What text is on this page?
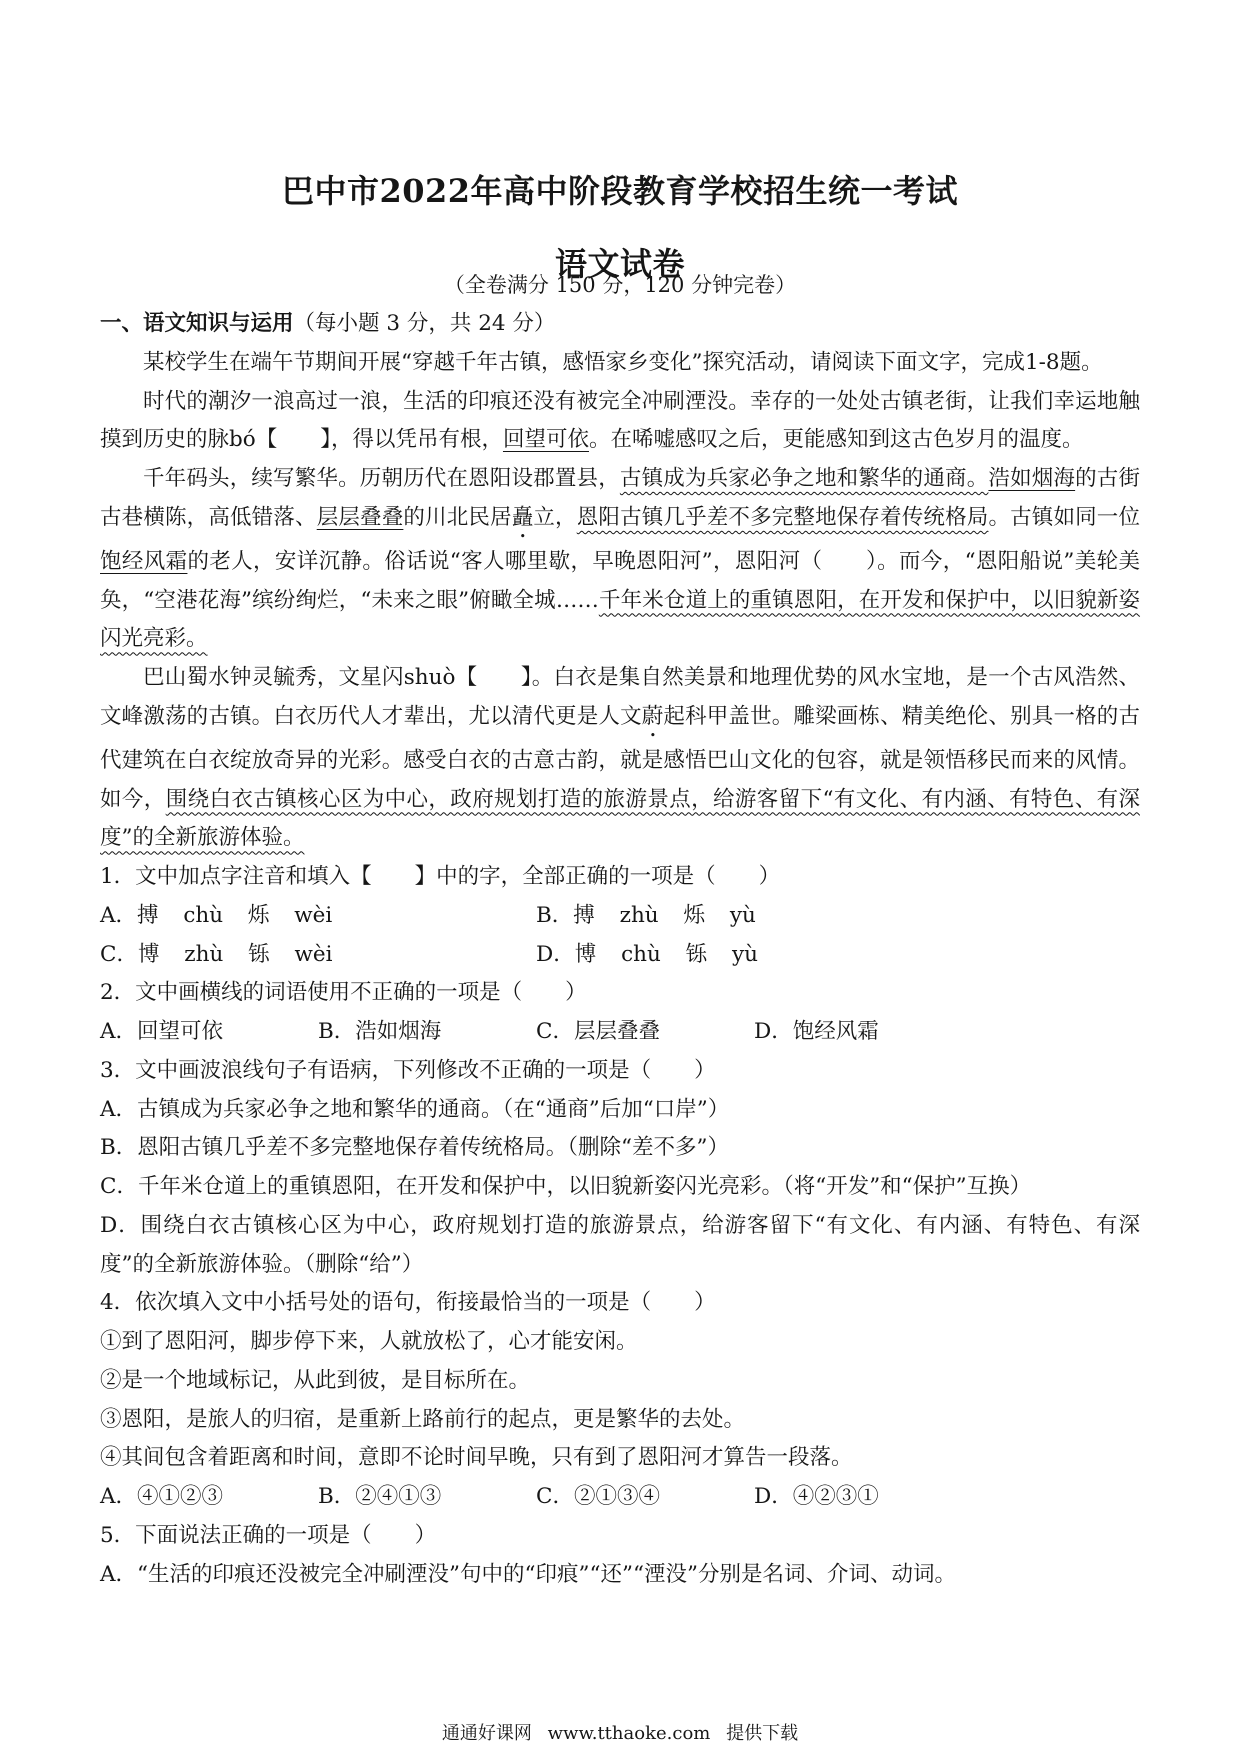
巴中市2022年高中阶段教育学校招生统一考试
语文试卷
（全卷满分 150 分，120 分钟完卷）

一、语文知识与运用（每小题 3 分，共 24 分）

某校学生在端午节期间开展“穿越千年古镇，感悟家乡变化”探究活动，请阅读下面文字，完成1-8题。

时代的潮汐一浪高过一浪，生活的印痕还没有被完全冲刷湮没。幸存的一处处古镇老街，让我们幸运地触摸到历史的脉bó【　　】，得以凭吊有根，回望可依。在唏嘘感叹之后，更能感知到这古色岁月的温度。

千年码头，续写繁华。历朝历代在恩阳设郡置县，古镇成为兵家必争之地和繁华的通商。浩如烟海的古街古巷横陈，高低错落、层层叠叠的川北民居矗立，恩阳古镇几乎差不多完整地保存着传统格局。古镇如同一位饱经风霜的老人，安详沉静。俗话说“客人哪里歇，早晚恩阳河”，恩阳河（　　）。而今，“恩阳船说”美轮美奂，“空港花海”缤纷绚烂，“未来之眼”俯瞰全城……千年米仓道上的重镇恩阳，在开发和保护中，以旧貌新姿闪光亮彩。

巴山蜀水钟灵毓秀，文星闪shuò【　　】。白衣是集自然美景和地理优势的风水宝地，是一个古风浩然、文峰激荡的古镇。白衣历代人才辈出，尤以清代更是人文蔚起科甲盖世。雕梁画栋、精美绝伦、别具一格的古代建筑在白衣绽放奇异的光彩。感受白衣的古意古韵，就是感悟巴山文化的包容，就是领悟移民而来的风情。如今，围绕白衣古镇核心区为中心，政府规划打造的旅游景点，给游客留下“有文化、有内涵、有特色、有深度”的全新旅游体验。

1．文中加点字注音和填入【　　】中的字，全部正确的一项是（　　）

A．搏 chù 烁 wèi	B．搏 zhù 烁 yù
C．博 zhù 铄 wèi	D．博 chù 铄 yù

2．文中画横线的词语使用不正确的一项是（　　）

A．回望可依	B．浩如烟海	C．层层叠叠	D．饱经风霜

3．文中画波浪线句子有语病，下列修改不正确的一项是（　　）

A．古镇成为兵家必争之地和繁华的通商。（在“通商”后加“口岸”）

B．恩阳古镇几乎差不多完整地保存着传统格局。（删除“差不多”）

C．千年米仓道上的重镇恩阳，在开发和保护中，以旧貌新姿闪光亮彩。（将“开发”和“保护”互换）

D．围绕白衣古镇核心区为中心，政府规划打造的旅游景点，给游客留下“有文化、有内涵、有特色、有深度”的全新旅游体验。（删除“给”）

4．依次填入文中小括号处的语句，衔接最恰当的一项是（　　）

①到了恩阳河，脚步停下来，人就放松了，心才能安闲。

②是一个地域标记，从此到彼，是目标所在。

③恩阳，是旅人的归宿，是重新上路前行的起点，更是繁华的去处。

④其间包含着距离和时间，意即不论时间早晚，只有到了恩阳河才算告一段落。

A．④①②③	B．②④①③	C．②①③④	D．④②③①

5．下面说法正确的一项是（　　）

A．“生活的印痕还没被完全冲刷湮没”句中的“印痕”“还”“湮没”分别是名词、介词、动词。

通通好课网 www.tthaoke.com 提供下载
